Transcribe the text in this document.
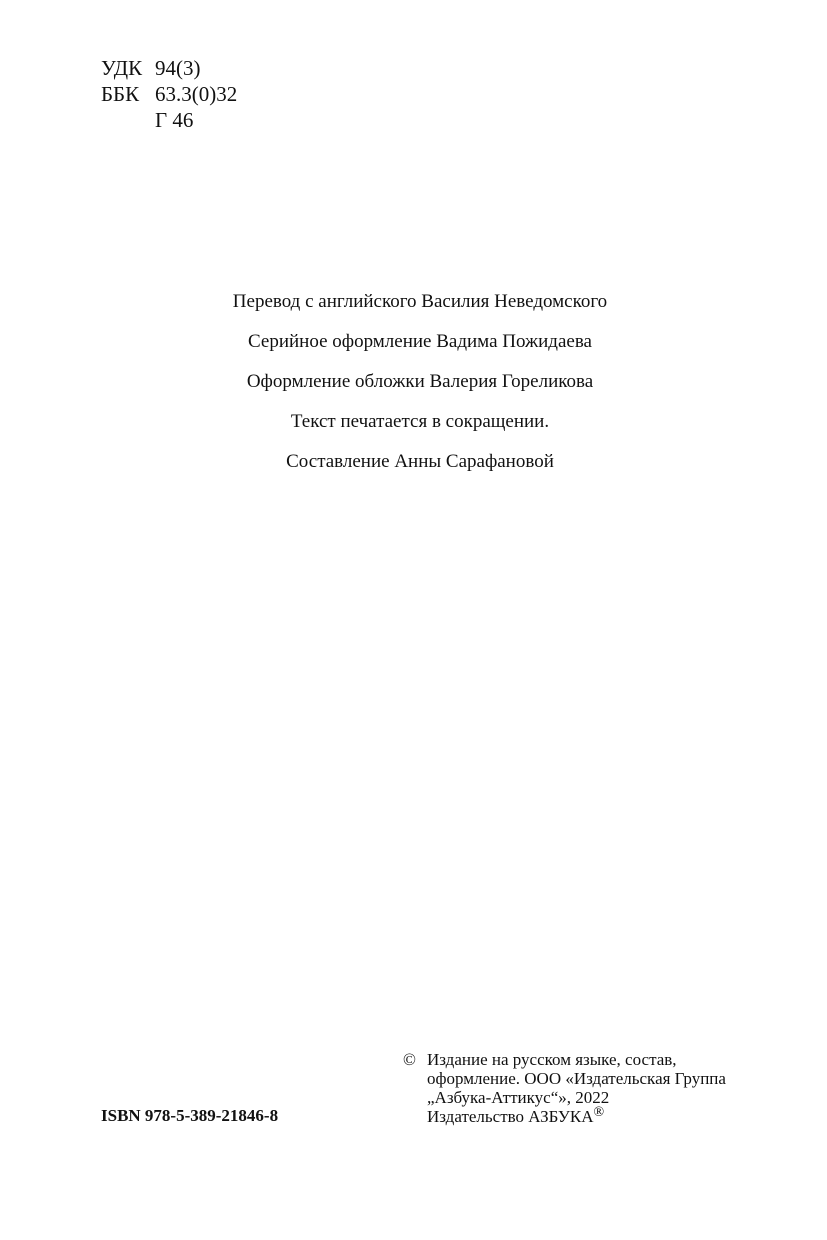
УДК 94(3)
ББК 63.3(0)32
Г 46
Перевод с английского Василия Неведомского
Серийное оформление Вадима Пожидаева
Оформление обложки Валерия Гореликова
Текст печатается в сокращении.
Составление Анны Сарафановой
ISBN 978-5-389-21846-8
© Издание на русском языке, состав,
оформление. ООО «Издательская Группа
„Азбука-Аттикус“», 2022
Издательство АЗБУКА®
